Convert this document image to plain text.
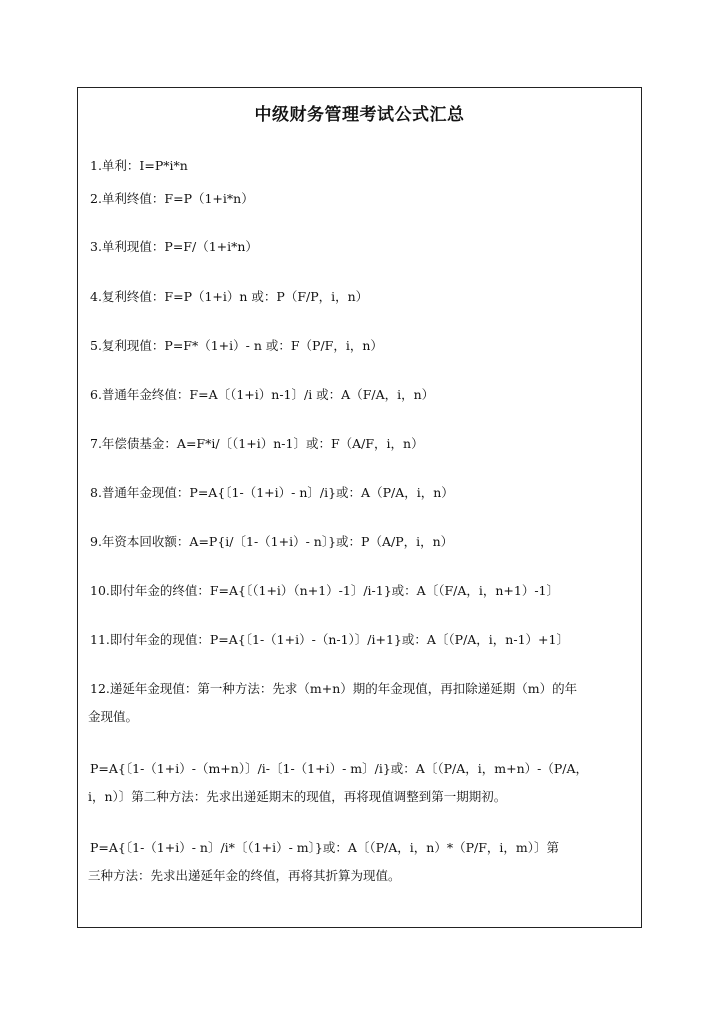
中级财务管理考试公式汇总
1.单利：I=P*i*n
2.单利终值：F=P（1+i*n）
3.单利现值：P=F/（1+i*n）
4.复利终值：F=P（1+i）n 或：P（F/P，i，n）
5.复利现值：P=F*（1+i）- n 或：F（P/F，i，n）
6.普通年金终值：F=A〔（1+i）n-1〕/i 或：A（F/A，i，n）
7.年偿债基金：A=F*i/〔（1+i）n-1〕或：F（A/F，i，n）
8.普通年金现值：P=A{〔1-（1+i）- n〕/i}或：A（P/A，i，n）
9.年资本回收额：A=P{i/〔1-（1+i）- n〕}或：P（A/P，i，n）
10.即付年金的终值：F=A{〔（1+i）（n+1）-1〕/i-1}或：A〔（F/A，i，n+1）-1〕
11.即付年金的现值：P=A{〔1-（1+i）-（n-1）〕/i+1}或：A〔（P/A，i，n-1）+1〕
12.递延年金现值：第一种方法：先求（m+n）期的年金现值，再扣除递延期（m）的年
金现值。
P=A{〔1-（1+i）-（m+n）〕/i-〔1-（1+i）- m〕/i}或：A〔（P/A，i，m+n）-（P/A，
i，n）〕第二种方法：先求出递延期末的现值，再将现值调整到第一期期初。
P=A{〔1-（1+i）- n〕/i*〔（1+i）- m〕}或：A〔（P/A，i，n）*（P/F，i，m）〕第
三种方法：先求出递延年金的终值，再将其折算为现值。
